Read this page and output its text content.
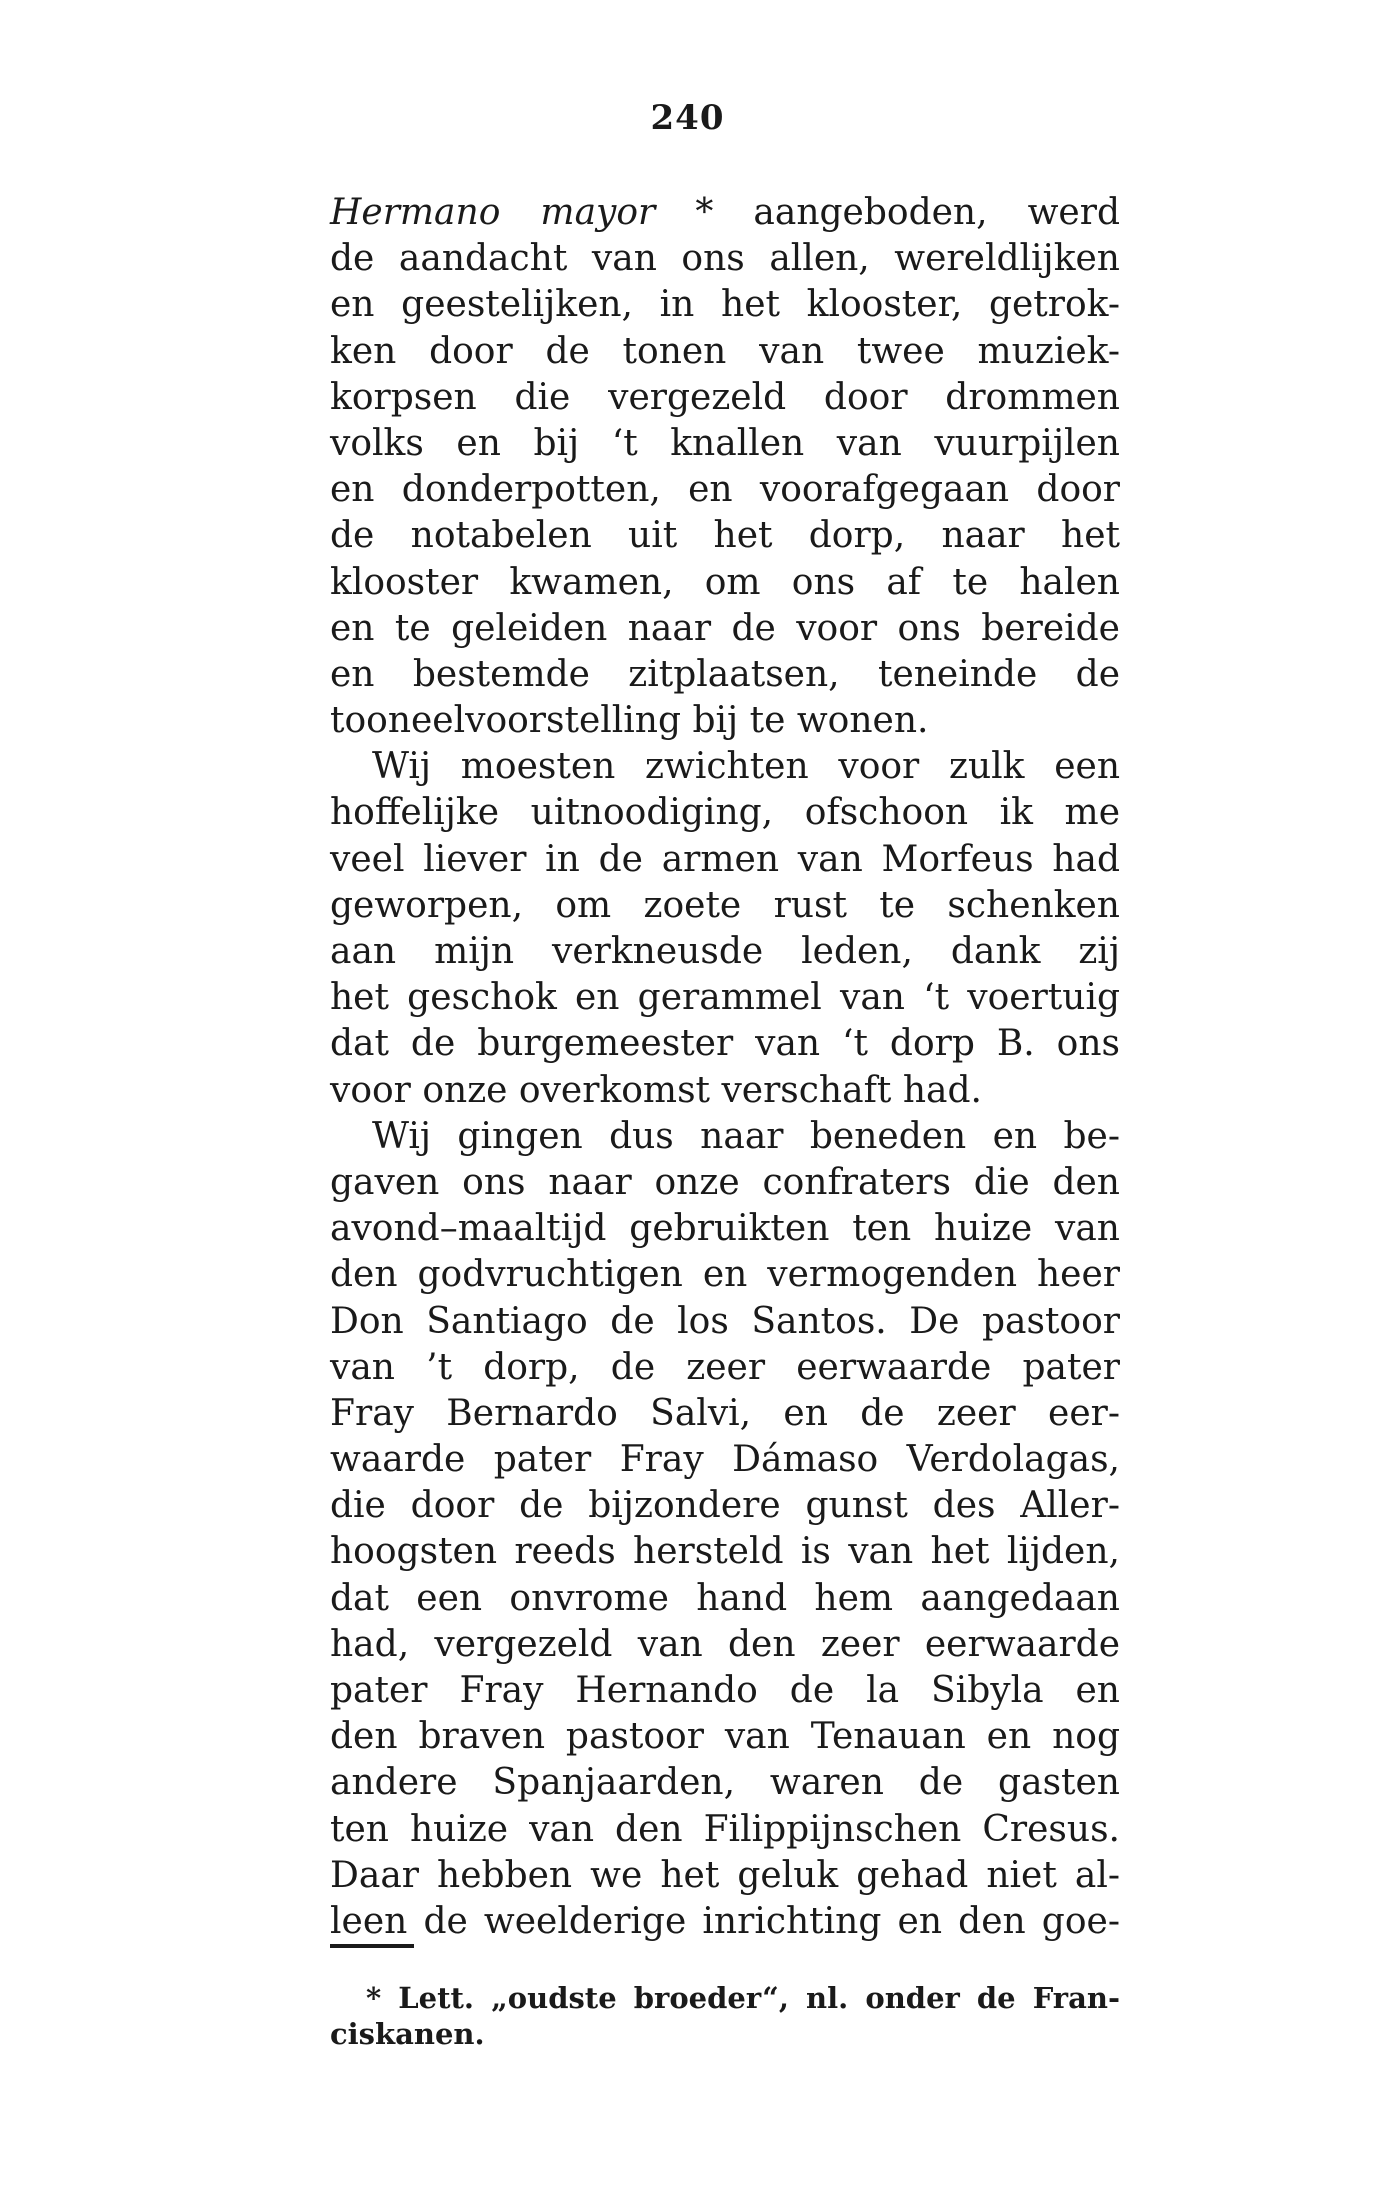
240
Hermano mayor * aangeboden, werd
de aandacht van ons allen, wereldlijken
en geestelijken, in het klooster, getrok-
ken door de tonen van twee muziek-
korpsen die vergezeld door drommen
volks en bij ‘t knallen van vuurpijlen
en donderpotten, en voorafgegaan door
de notabelen uit het dorp, naar het
klooster kwamen, om ons af te halen
en te geleiden naar de voor ons bereide
en bestemde zitplaatsen, teneinde de
tooneelvoorstelling bij te wonen.
Wij moesten zwichten voor zulk een
hoffelijke uitnoodiging, ofschoon ik me
veel liever in de armen van Morfeus had
geworpen, om zoete rust te schenken
aan mijn verkneusde leden, dank zij
het geschok en gerammel van ‘t voertuig
dat de burgemeester van ‘t dorp B. ons
voor onze overkomst verschaft had.
Wij gingen dus naar beneden en be-
gaven ons naar onze confraters die den
avond–maaltijd gebruikten ten huize van
den godvruchtigen en vermogenden heer
Don Santiago de los Santos. De pastoor
van ’t dorp, de zeer eerwaarde pater
Fray Bernardo Salvi, en de zeer eer-
waarde pater Fray Dámaso Verdolagas,
die door de bijzondere gunst des Aller-
hoogsten reeds hersteld is van het lijden,
dat een onvrome hand hem aangedaan
had, vergezeld van den zeer eerwaarde
pater Fray Hernando de la Sibyla en
den braven pastoor van Tenauan en nog
andere Spanjaarden, waren de gasten
ten huize van den Filippijnschen Cresus.
Daar hebben we het geluk gehad niet al-
leen de weelderige inrichting en den goe-
* Lett. „oudste broeder“, nl. onder de Fran-
ciskanen.
